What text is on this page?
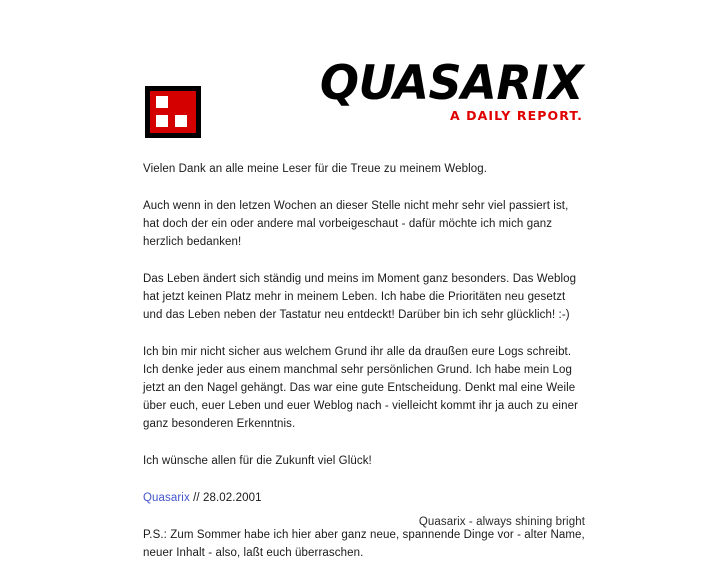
QUASARIX
A DAILY REPORT.

Vielen Dank an alle meine Leser für die Treue zu meinem Weblog.

Auch wenn in den letzen Wochen an dieser Stelle nicht mehr sehr viel passiert ist, hat doch der ein oder andere mal vorbeigeschaut - dafür möchte ich mich ganz herzlich bedanken!

Das Leben ändert sich ständig und meins im Moment ganz besonders. Das Weblog hat jetzt keinen Platz mehr in meinem Leben. Ich habe die Prioritäten neu gesetzt und das Leben neben der Tastatur neu entdeckt! Darüber bin ich sehr glücklich! :-)

Ich bin mir nicht sicher aus welchem Grund ihr alle da draußen eure Logs schreibt. Ich denke jeder aus einem manchmal sehr persönlichen Grund. Ich habe mein Log jetzt an den Nagel gehängt. Das war eine gute Entscheidung. Denkt mal eine Weile über euch, euer Leben und euer Weblog nach - vielleicht kommt ihr ja auch zu einer ganz besonderen Erkenntnis.

Ich wünsche allen für die Zukunft viel Glück!

Quasarix // 28.02.2001

P.S.: Zum Sommer habe ich hier aber ganz neue, spannende Dinge vor - alter Name, neuer Inhalt - also, laßt euch überraschen.

Quasarix - always shining bright
